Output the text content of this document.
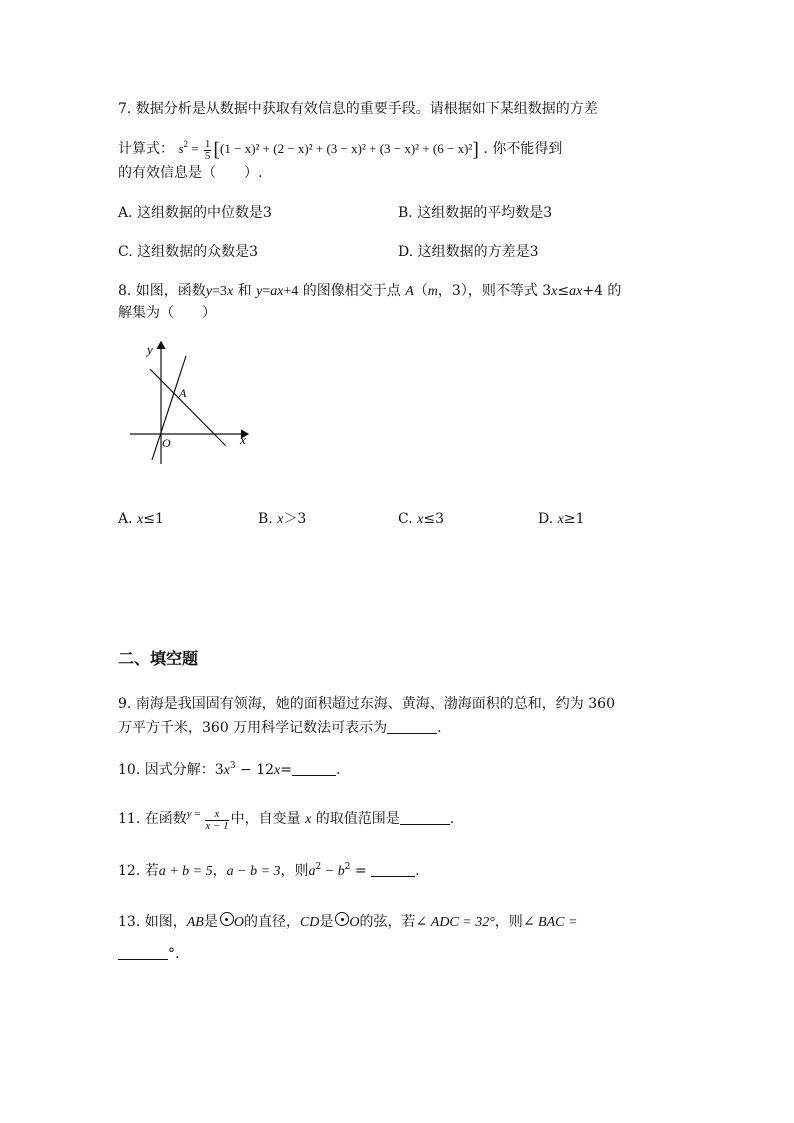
7. 数据分析是从数据中获取有效信息的重要手段。请根据如下某组数据的方差
计算式： $s^2 = \frac{1}{5} [(1 - x)^2 + (2 - x)^2 + (3 - x)^2 + (3 - x)^2 + (6 - x)^2]$ . 你不能得到
的有效信息是（　　）.
A. 这组数据的中位数是3	B. 这组数据的平均数是3
C. 这组数据的众数是3	D. 这组数据的方差是3
8. 如图，函数y=3x 和 y=ax+4 的图像相交于点 A（m，3），则不等式 3x≤ax+4 的
解集为（　　）
y
x
O
A
A. x≤1	B. x＞3	C. x≤3	D. x≥1
二、填空题
9. 南海是我国固有领海，她的面积超过东海、黄海、渤海面积的总和，约为 360
万平方千米，360 万用科学记数法可表示为	.
10. 因式分解：$3x^3 - 12x=$	.
11. 在函数$^y$ $^= \frac{x}{x - 1}$ 中，自变量 x 的取值范围是	.
12. 若a + b = 5，a − b = 3，则$a^2 - b^2$ =	.
13. 如图，AB是 O的直径，CD是 O的弦，若∠ ADC = 32°，则∠ BAC =
°.
